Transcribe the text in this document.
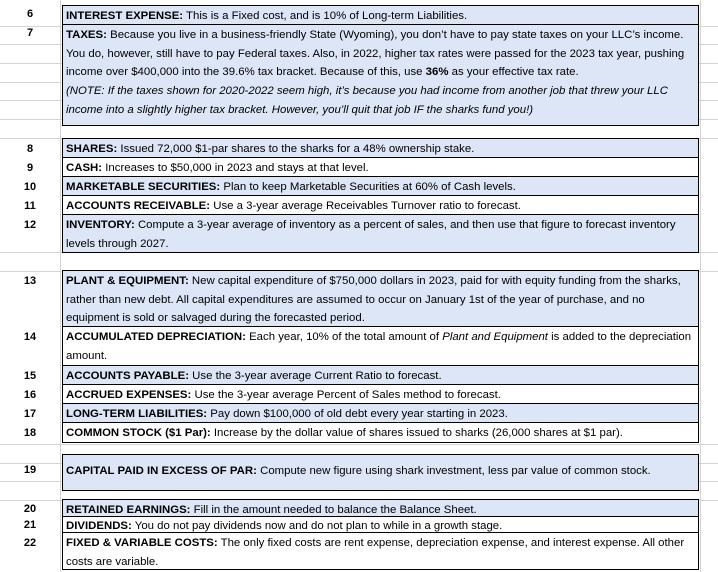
6	INTEREST EXPENSE: This is a Fixed cost, and is 10% of Long-term Liabilities.
7	TAXES: Because you live in a business-friendly State (Wyoming), you don’t have to pay state taxes on your LLC’s income. You do, however, still have to pay Federal taxes. Also, in 2022, higher tax rates were passed for the 2023 tax year, pushing income over $400,000 into the 39.6% tax bracket. Because of this, use 36% as your effective tax rate.
(NOTE: If the taxes shown for 2020-2022 seem high, it’s because you had income from another job that threw your LLC income into a slightly higher tax bracket. However, you’ll quit that job IF the sharks fund you!)
8	SHARES: Issued 72,000 $1-par shares to the sharks for a 48% ownership stake.
9	CASH: Increases to $50,000 in 2023 and stays at that level.
10	MARKETABLE SECURITIES: Plan to keep Marketable Securities at 60% of Cash levels.
11	ACCOUNTS RECEIVABLE: Use a 3-year average Receivables Turnover ratio to forecast.
12	INVENTORY: Compute a 3-year average of inventory as a percent of sales, and then use that figure to forecast inventory levels through 2027.
13	PLANT & EQUIPMENT: New capital expenditure of $750,000 dollars in 2023, paid for with equity funding from the sharks, rather than new debt. All capital expenditures are assumed to occur on January 1st of the year of purchase, and no equipment is sold or salvaged during the forecasted period.
14	ACCUMULATED DEPRECIATION: Each year, 10% of the total amount of Plant and Equipment is added to the depreciation amount.
15	ACCOUNTS PAYABLE: Use the 3-year average Current Ratio to forecast.
16	ACCRUED EXPENSES: Use the 3-year average Percent of Sales method to forecast.
17	LONG-TERM LIABILITIES: Pay down $100,000 of old debt every year starting in 2023.
18	COMMON STOCK ($1 Par): Increase by the dollar value of shares issued to sharks (26,000 shares at $1 par).
19	CAPITAL PAID IN EXCESS OF PAR: Compute new figure using shark investment, less par value of common stock.
20	RETAINED EARNINGS: Fill in the amount needed to balance the Balance Sheet.
21	DIVIDENDS: You do not pay dividends now and do not plan to while in a growth stage.
22	FIXED & VARIABLE COSTS: The only fixed costs are rent expense, depreciation expense, and interest expense. All other costs are variable.
